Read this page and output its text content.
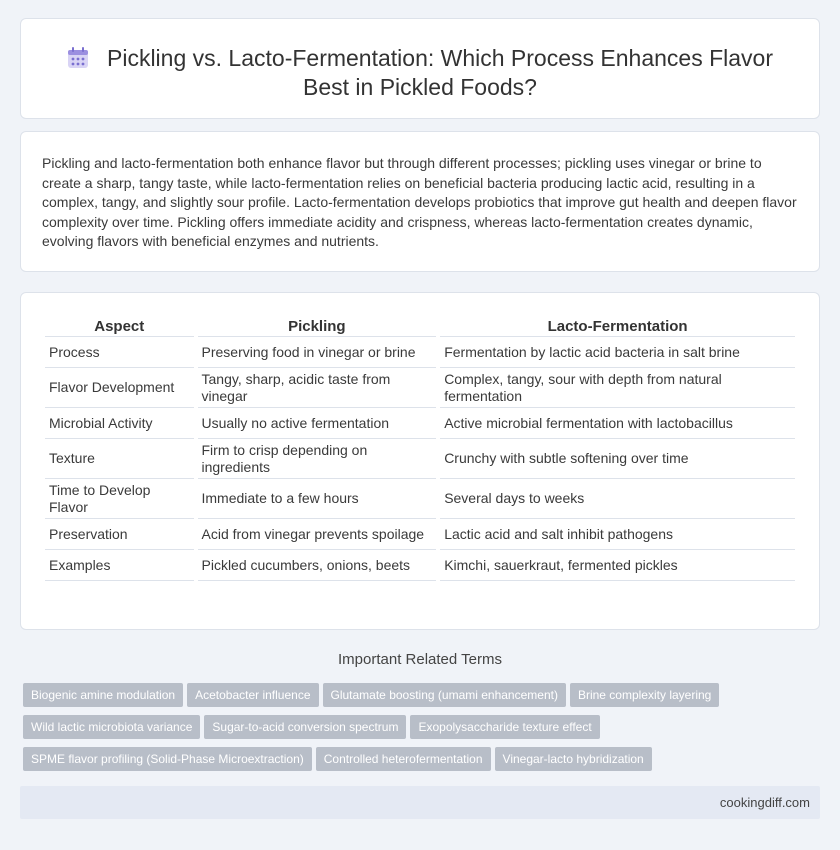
Pickling vs. Lacto-Fermentation: Which Process Enhances Flavor
Best in Pickled Foods?

Pickling and lacto-fermentation both enhance flavor but through different processes; pickling uses vinegar or brine to create a sharp, tangy taste, while lacto-fermentation relies on beneficial bacteria producing lactic acid, resulting in a complex, tangy, and slightly sour profile. Lacto-fermentation develops probiotics that improve gut health and deepen flavor complexity over time. Pickling offers immediate acidity and crispness, whereas lacto-fermentation creates dynamic, evolving flavors with beneficial enzymes and nutrients.

Aspect	Pickling	Lacto-Fermentation
Process	Preserving food in vinegar or brine	Fermentation by lactic acid bacteria in salt brine
Flavor Development	Tangy, sharp, acidic taste from vinegar	Complex, tangy, sour with depth from natural fermentation
Microbial Activity	Usually no active fermentation	Active microbial fermentation with lactobacillus
Texture	Firm to crisp depending on ingredients	Crunchy with subtle softening over time
Time to Develop Flavor	Immediate to a few hours	Several days to weeks
Preservation	Acid from vinegar prevents spoilage	Lactic acid and salt inhibit pathogens
Examples	Pickled cucumbers, onions, beets	Kimchi, sauerkraut, fermented pickles
Important Related Terms
Biogenic amine modulation Acetobacter influence Glutamate boosting (umami enhancement) Brine complexity layering
Wild lactic microbiota variance Sugar-to-acid conversion spectrum Exopolysaccharide texture effect
SPME flavor profiling (Solid-Phase Microextraction) Controlled heterofermentation Vinegar-lacto hybridization
cookingdiff.com
